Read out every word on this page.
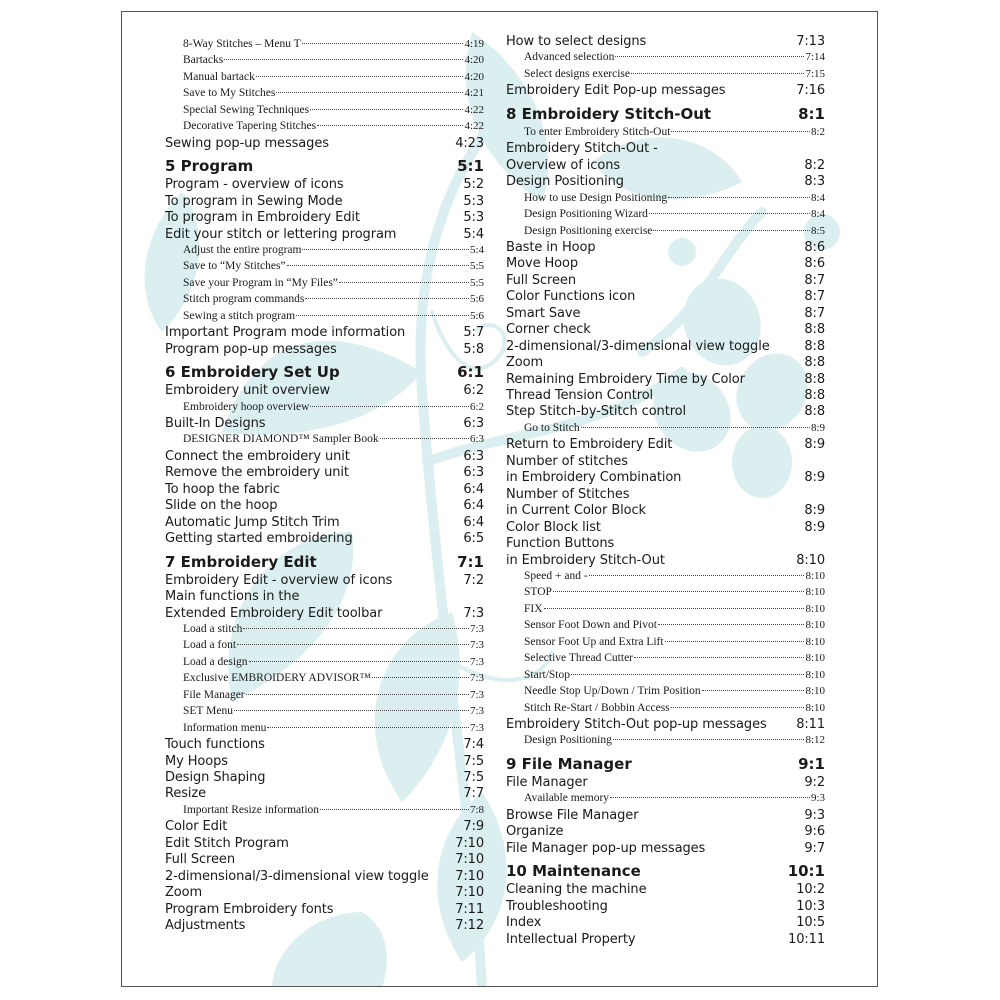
8-Way Stitches – Menu T	4:19
Bartacks	4:20
Manual bartack	4:20
Save to My Stitches	4:21
Special Sewing Techniques	4:22
Decorative Tapering Stitches	4:22
Sewing pop-up messages	4:23
5 Program	5:1
Program - overview of icons	5:2
To program in Sewing Mode	5:3
To program in Embroidery Edit	5:3
Edit your stitch or lettering program	5:4
Adjust the entire program	5:4
Save to “My Stitches”	5:5
Save your Program in “My Files”	5:5
Stitch program commands	5:6
Sewing a stitch program	5:6
Important Program mode information	5:7
Program pop-up messages	5:8
6 Embroidery Set Up	6:1
Embroidery unit overview	6:2
Embroidery hoop overview	6:2
Built-In Designs	6:3
DESIGNER DIAMOND™ Sampler Book	6:3
Connect the embroidery unit	6:3
Remove the embroidery unit	6:3
To hoop the fabric	6:4
Slide on the hoop	6:4
Automatic Jump Stitch Trim	6:4
Getting started embroidering	6:5
7 Embroidery Edit	7:1
Embroidery Edit - overview of icons	7:2
Main functions in the
Extended Embroidery Edit toolbar	7:3
Load a stitch	7:3
Load a font	7:3
Load a design	7:3
Exclusive EMBROIDERY ADVISOR™	7:3
File Manager	7:3
SET Menu	7:3
Information menu	7:3
Touch functions	7:4
My Hoops	7:5
Design Shaping	7:5
Resize	7:7
Important Resize information	7:8
Color Edit	7:9
Edit Stitch Program	7:10
Full Screen	7:10
2-dimensional/3-dimensional view toggle 7:10
Zoom	7:10
Program Embroidery fonts	7:11
Adjustments	7:12
How to select designs	7:13
Advanced selection	7:14
Select designs exercise	7:15
Embroidery Edit Pop-up messages	7:16
8 Embroidery Stitch-Out	8:1
To enter Embroidery Stitch-Out	8:2
Embroidery Stitch-Out -
Overview of icons	8:2
Design Positioning	8:3
How to use Design Positioning	8:4
Design Positioning Wizard	8:4
Design Positioning exercise	8:5
Baste in Hoop	8:6
Move Hoop	8:6
Full Screen	8:7
Color Functions icon	8:7
Smart Save	8:7
Corner check	8:8
2-dimensional/3-dimensional view toggle	8:8
Zoom	8:8
Remaining Embroidery Time by Color	8:8
Thread Tension Control	8:8
Step Stitch-by-Stitch control	8:8
Go to Stitch	8:9
Return to Embroidery Edit	8:9
Number of stitches
in Embroidery Combination	8:9
Number of Stitches
in Current Color Block	8:9
Color Block list	8:9
Function Buttons
in Embroidery Stitch-Out	8:10
Speed + and -	8:10
STOP	8:10
FIX	8:10
Sensor Foot Down and Pivot	8:10
Sensor Foot Up and Extra Lift	8:10
Selective Thread Cutter	8:10
Start/Stop	8:10
Needle Stop Up/Down / Trim Position	8:10
Stitch Re-Start / Bobbin Access	8:10
Embroidery Stitch-Out pop-up messages 8:11
Design Positioning	8:12
9 File Manager	9:1
File Manager	9:2
Available memory	9:3
Browse File Manager	9:3
Organize	9:6
File Manager pop-up messages	9:7
10 Maintenance	10:1
Cleaning the machine	10:2
Troubleshooting	10:3
Index	10:5
Intellectual Property	10:11
